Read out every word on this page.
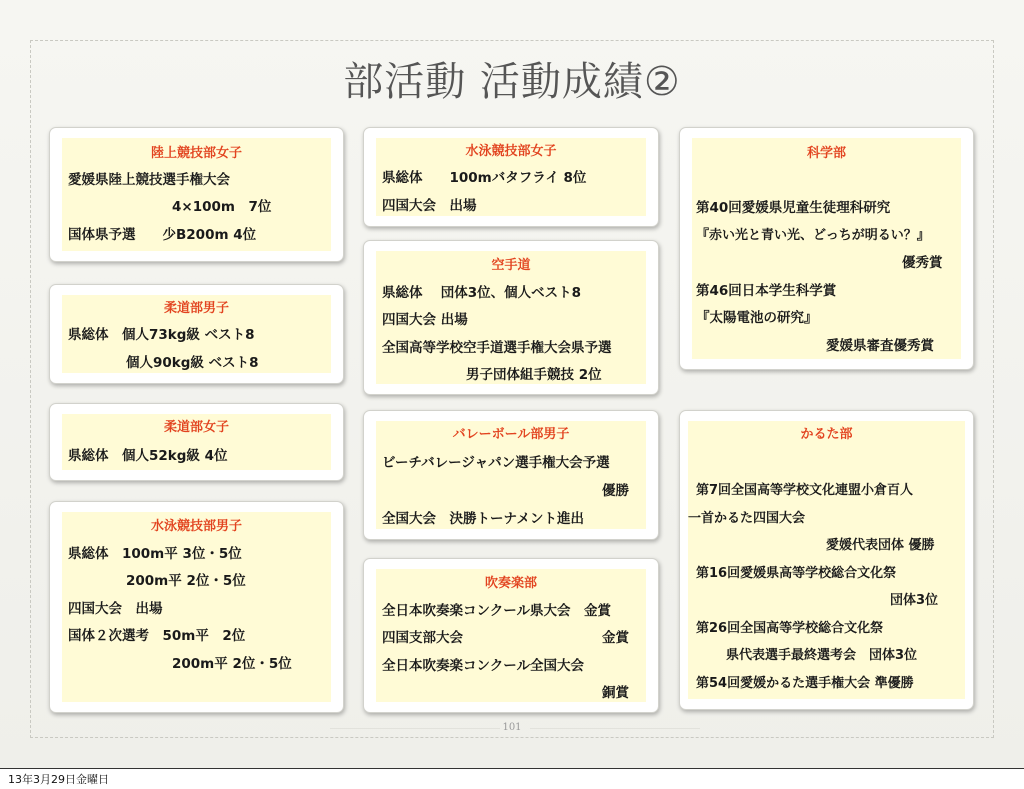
部活動 活動成績②
陸上競技部女子
愛媛県陸上競技選手権大会
4×100m　7位
国体県予選　　少B200m 4位
柔道部男子
県総体　個人73kg級 ベスト8
個人90kg級 ベスト8
柔道部女子
県総体　個人52kg級 4位
水泳競技部男子
県総体　100m平 3位・5位
200m平 2位・5位
四国大会　出場
国体２次選考　50m平　2位
200m平 2位・5位
水泳競技部女子
県総体　　100mバタフライ 8位
四国大会　出場
空手道
県総体　 団体3位、個人ベスト8
四国大会 出場
全国高等学校空手道選手権大会県予選
男子団体組手競技 2位
バレーボール部男子
ビーチバレージャパン選手権大会予選
優勝
全国大会　決勝トーナメント進出
吹奏楽部
全日本吹奏楽コンクール県大会　金賞
四国支部大会	金賞
全日本吹奏楽コンクール全国大会
銅賞
科学部
第40回愛媛県児童生徒理科研究
『赤い光と青い光、どっちが明るい？』
優秀賞
第46回日本学生科学賞
『太陽電池の研究』
愛媛県審査優秀賞
かるた部
第7回全国高等学校文化連盟小倉百人
一首かるた四国大会
愛媛代表団体 優勝
第16回愛媛県高等学校総合文化祭
団体3位
第26回全国高等学校総合文化祭
県代表選手最終選考会　団体3位
第54回愛媛かるた選手権大会 準優勝
101
13年3月29日金曜日
